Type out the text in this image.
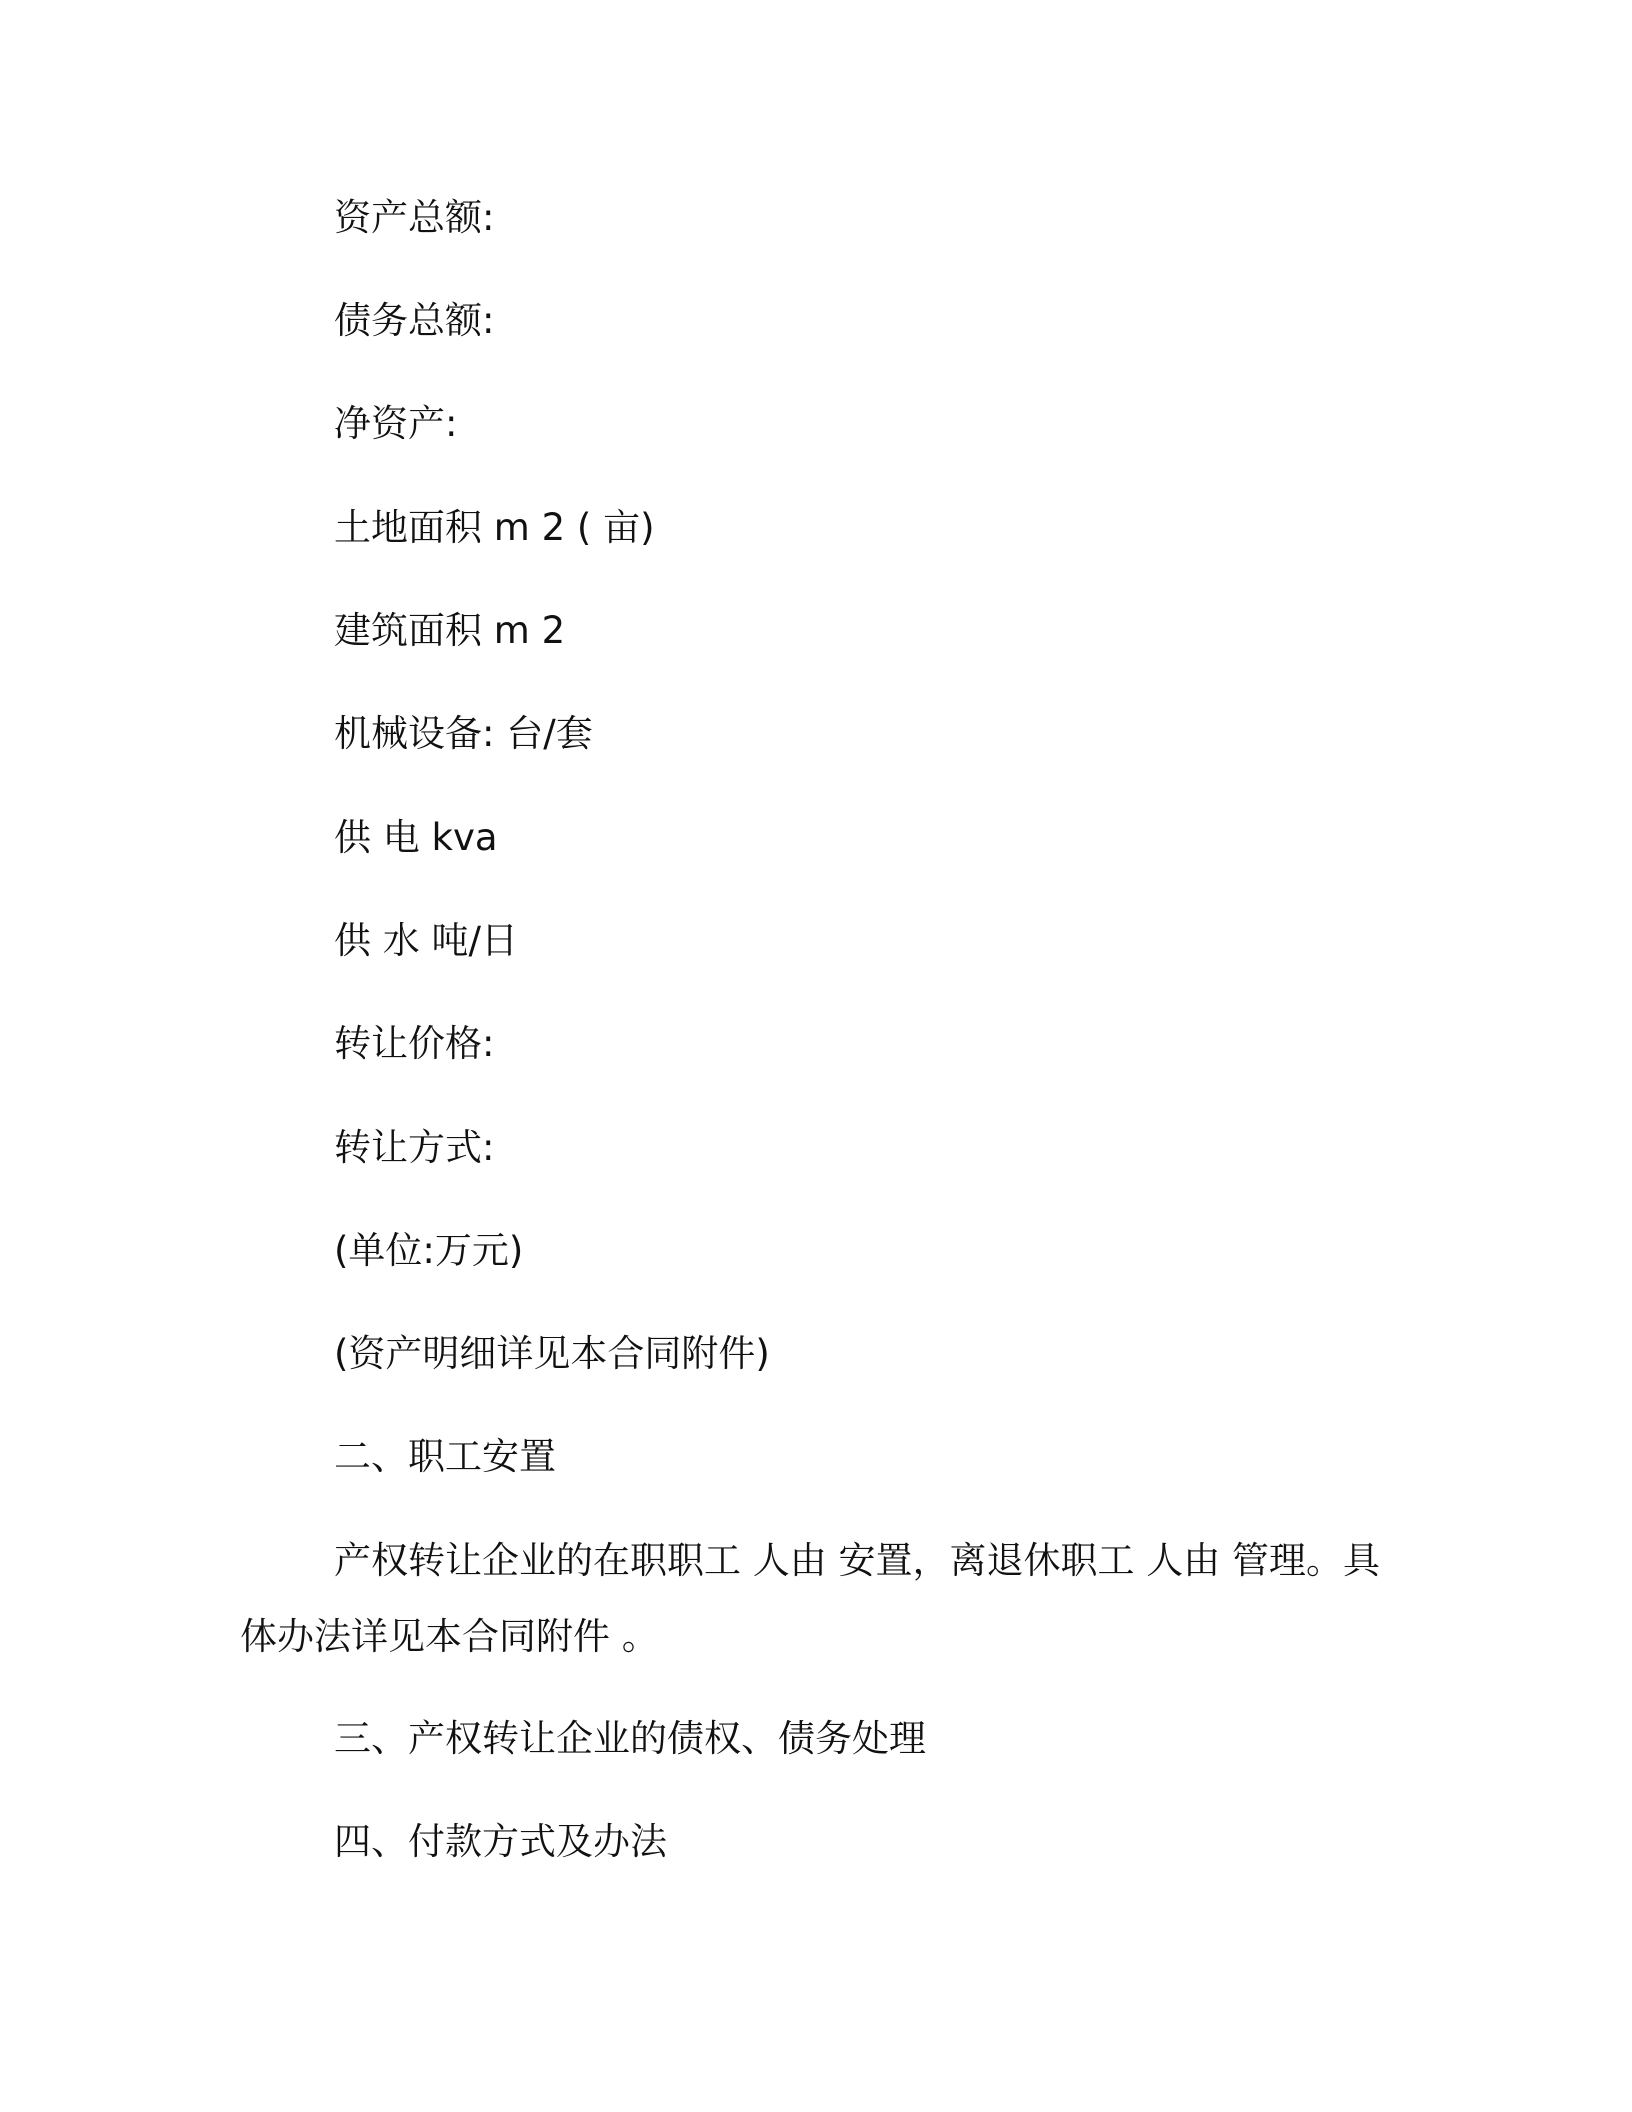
资产总额:
债务总额:
净资产:
土地面积 m 2 ( 亩)
建筑面积 m 2
机械设备: 台/套
供 电 kva
供 水 吨/日
转让价格:
转让方式:
(单位:万元)
(资产明细详见本合同附件)
二、职工安置
产权转让企业的在职职工 人由 安置，离退休职工 人由 管理。具体办法详见本合同附件 。
三、产权转让企业的债权、债务处理
四、付款方式及办法
